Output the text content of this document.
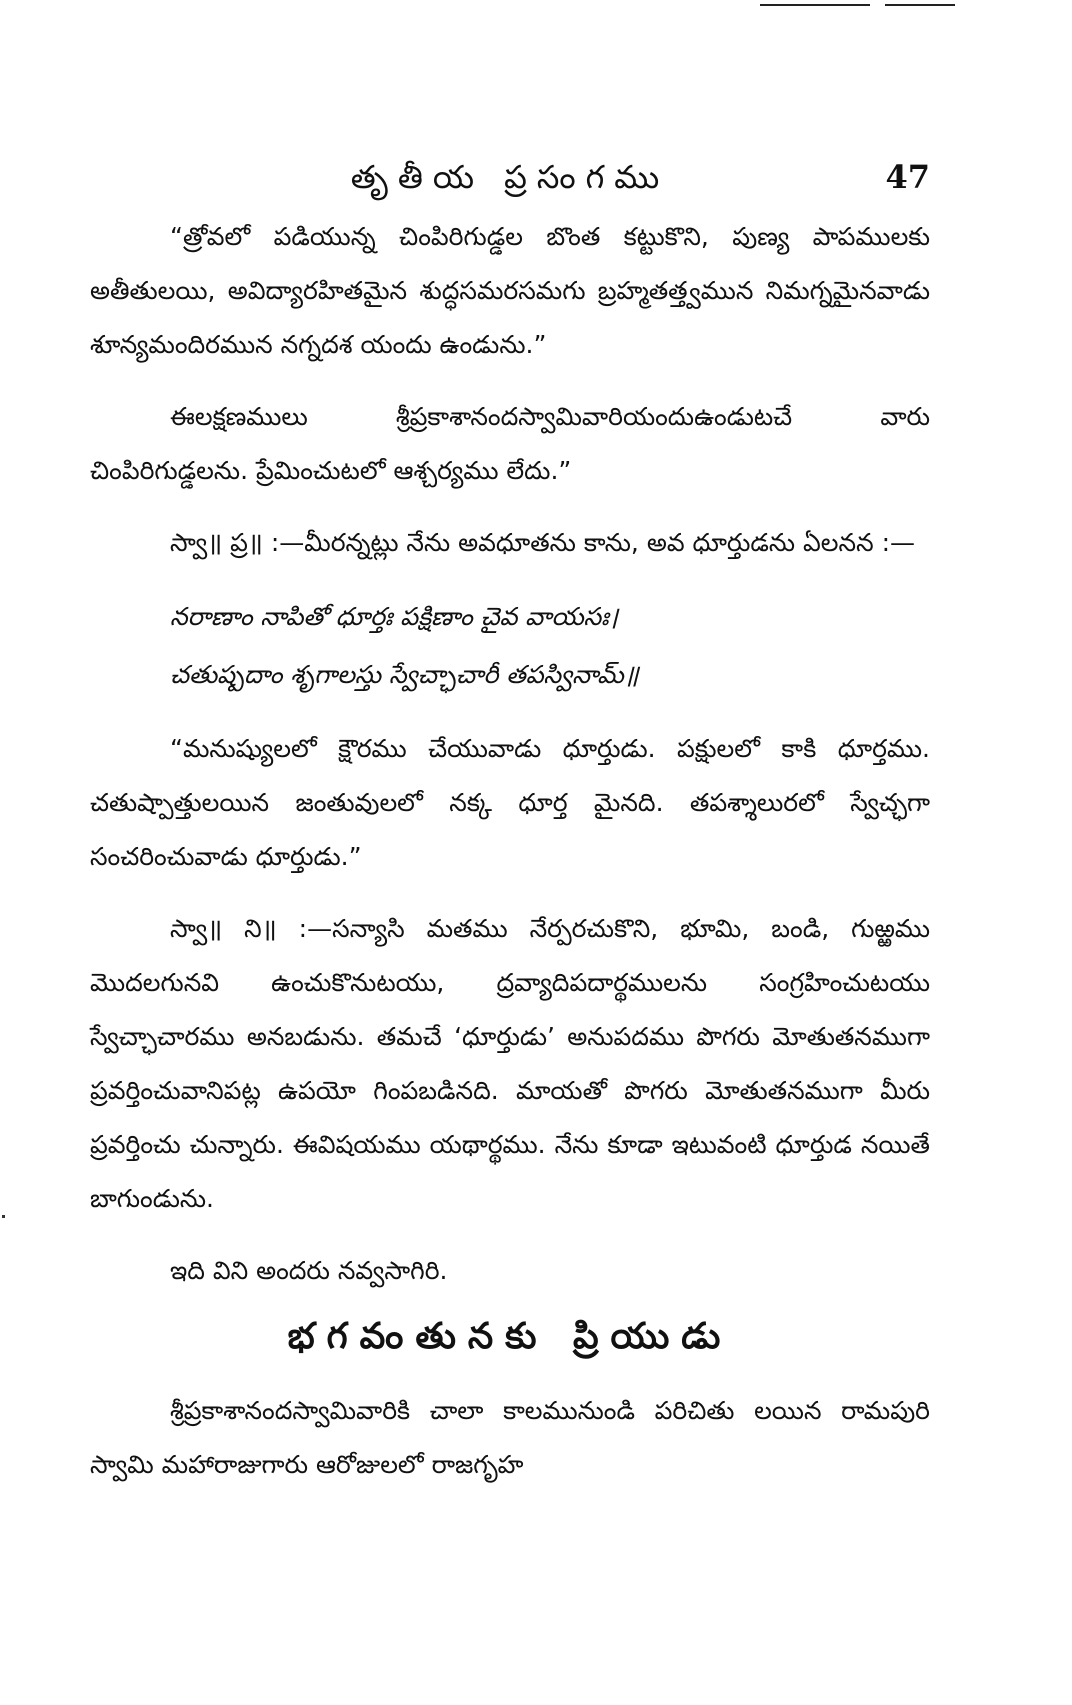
తృతీయ ప్రసంగము	47

“త్రోవలో పడియున్న చింపిరిగుడ్డల బొంత కట్టుకొని, పుణ్య పాపములకు అతీతులయి, అవిద్యారహితమైన శుద్ధసమరసమగు బ్రహ్మతత్త్వమున నిమగ్నమైనవాడు శూన్యమందిరమున నగ్నదశ యందు ఉండును.”

ఈలక్షణములు శ్రీప్రకాశానందస్వామివారియందుఉండుటచే వారు చింపిరిగుడ్డలను. ప్రేమించుటలో ఆశ్చర్యము లేదు.”

స్వా॥ ప్ర॥ :—మీరన్నట్లు నేను అవధూతను కాను, అవ ధూర్తుడను ఏలనన :—

నరాణాం నాపితో ధూర్తః పక్షిణాం చైవ వాయసః।

చతుష్పదాం శృగాలస్తు స్వేచ్ఛాచారీ తపస్వినామ్॥

“మనుష్యులలో క్షౌరము చేయువాడు ధూర్తుడు. పక్షులలో కాకి ధూర్తము. చతుష్పాత్తులయిన జంతువులలో నక్క ధూర్త మైనది. తపశ్శాలురలో స్వేచ్ఛగా సంచరించువాడు ధూర్తుడు.”

స్వా॥ ని॥ :—సన్యాసి మతము నేర్పరచుకొని, భూమి, బండి, గుఱ్ఱము మొదలగునవి ఉంచుకొనుటయు, ద్రవ్యాదిపదార్థములను సంగ్రహించుటయు స్వేచ్ఛాచారము అనబడును. తమచే ‘ధూర్తుడు’ అనుపదము పొగరు మోతుతనముగా ప్రవర్తించువానిపట్ల ఉపయో గింపబడినది. మాయతో పొగరు మోతుతనముగా మీరు ప్రవర్తించు చున్నారు. ఈవిషయము యథార్థము. నేను కూడా ఇటువంటి ధూర్తుడ నయితే బాగుండును.

ఇది విని అందరు నవ్వసాగిరి.

భగవంతునకు ప్రియుడు

శ్రీప్రకాశానందస్వామివారికి చాలా కాలమునుండి పరిచితు లయిన రామపురి స్వామి మహారాజుగారు ఆరోజులలో రాజగృహ
